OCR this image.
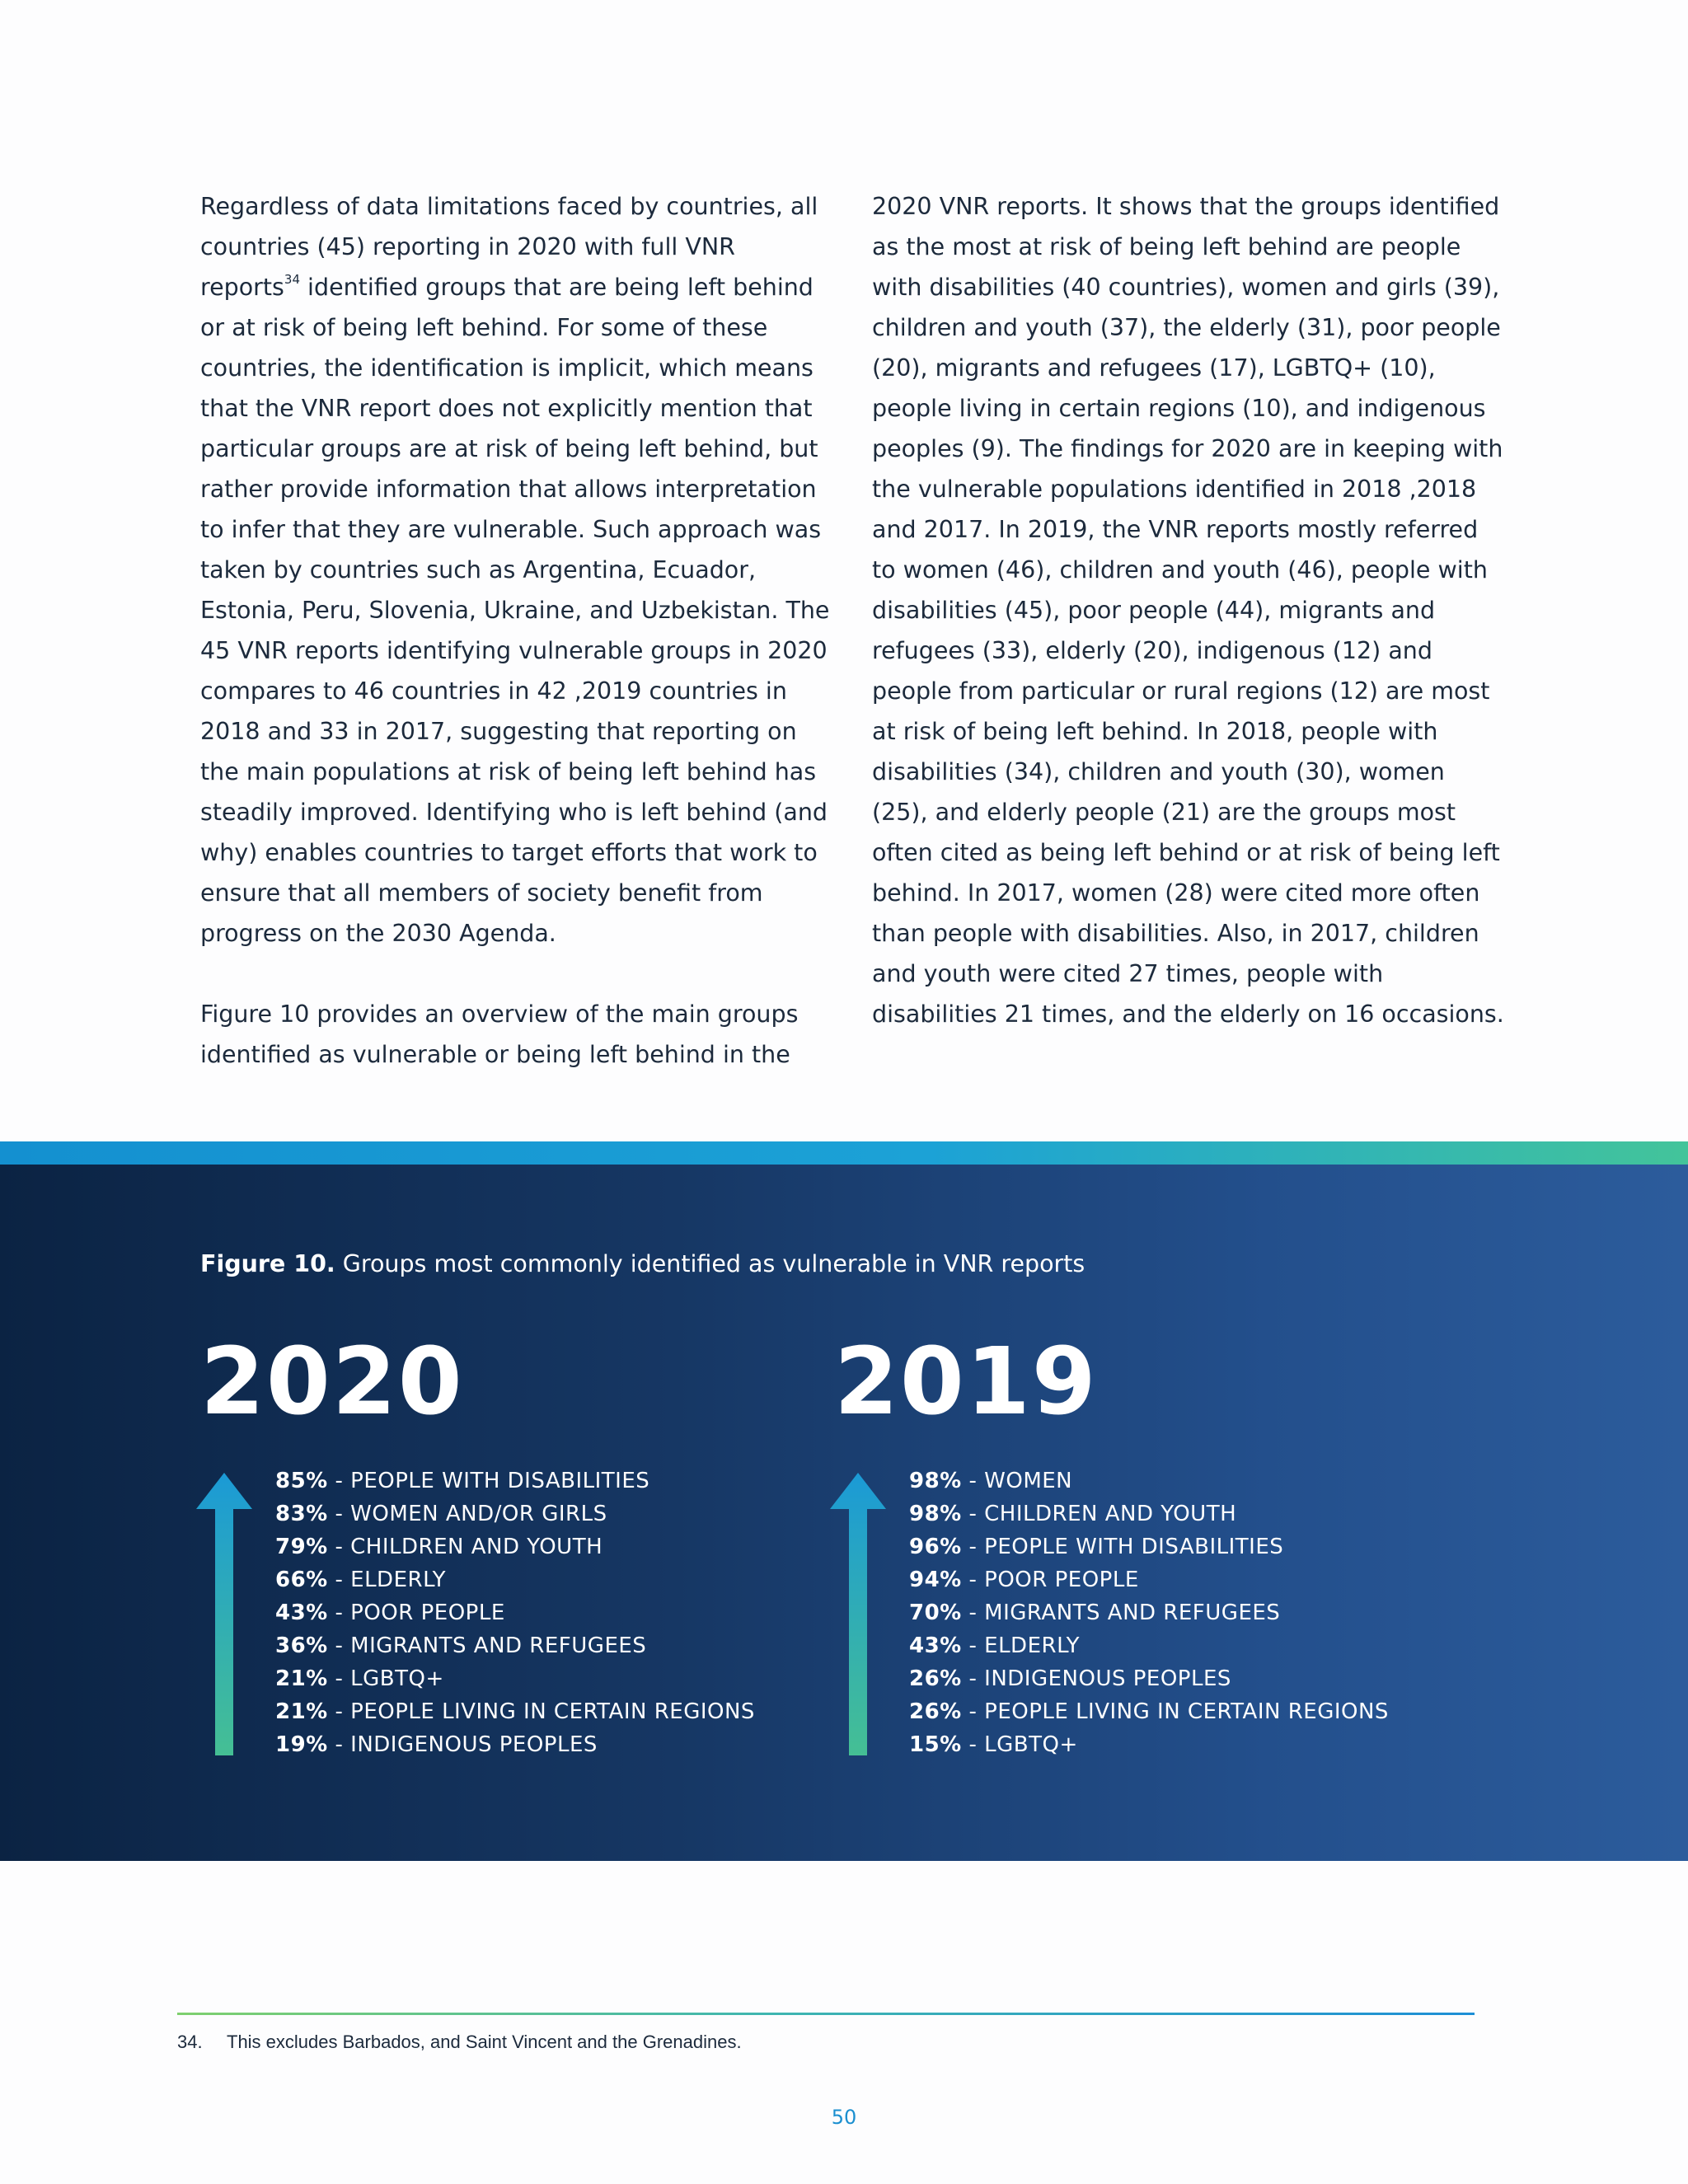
Regardless of data limitations faced by countries, all countries (45) reporting in 2020 with full VNR reports$^{34}$ identified groups that are being left behind or at risk of being left behind. For some of these countries, the identification is implicit, which means that the VNR report does not explicitly mention that particular groups are at risk of being left behind, but rather provide information that allows interpretation to infer that they are vulnerable. Such approach was taken by countries such as Argentina, Ecuador, Estonia, Peru, Slovenia, Ukraine, and Uzbekistan. The 45 VNR reports identifying vulnerable groups in 2020 compares to 46 countries in 42 ,2019 countries in 2018 and 33 in 2017, suggesting that reporting on the main populations at risk of being left behind has steadily improved. Identifying who is left behind (and why) enables countries to target efforts that work to ensure that all members of society benefit from progress on the 2030 Agenda.

Figure 10 provides an overview of the main groups identified as vulnerable or being left behind in the

2020 VNR reports. It shows that the groups identified as the most at risk of being left behind are people with disabilities (40 countries), women and girls (39), children and youth (37), the elderly (31), poor people (20), migrants and refugees (17), LGBTQ+ (10), people living in certain regions (10), and indigenous peoples (9). The findings for 2020 are in keeping with the vulnerable populations identified in 2018 ,2018 and 2017. In 2019, the VNR reports mostly referred to women (46), children and youth (46), people with disabilities (45), poor people (44), migrants and refugees (33), elderly (20), indigenous (12) and people from particular or rural regions (12) are most at risk of being left behind. In 2018, people with disabilities (34), children and youth (30), women (25), and elderly people (21) are the groups most often cited as being left behind or at risk of being left behind. In 2017, women (28) were cited more often than people with disabilities. Also, in 2017, children and youth were cited 27 times, people with disabilities 21 times, and the elderly on 16 occasions.

Figure 10. Groups most commonly identified as vulnerable in VNR reports
2020
85% - PEOPLE WITH DISABILITIES
83% - WOMEN AND/OR GIRLS
79% - CHILDREN AND YOUTH
66% - ELDERLY
43% - POOR PEOPLE
36% - MIGRANTS AND REFUGEES
21% - LGBTQ+
21% - PEOPLE LIVING IN CERTAIN REGIONS
19% - INDIGENOUS PEOPLES
2019
98% - WOMEN
98% - CHILDREN AND YOUTH
96% - PEOPLE WITH DISABILITIES
94% - POOR PEOPLE
70% - MIGRANTS AND REFUGEES
43% - ELDERLY
26% - INDIGENOUS PEOPLES
26% - PEOPLE LIVING IN CERTAIN REGIONS
15% - LGBTQ+
34. This excludes Barbados, and Saint Vincent and the Grenadines.
50
